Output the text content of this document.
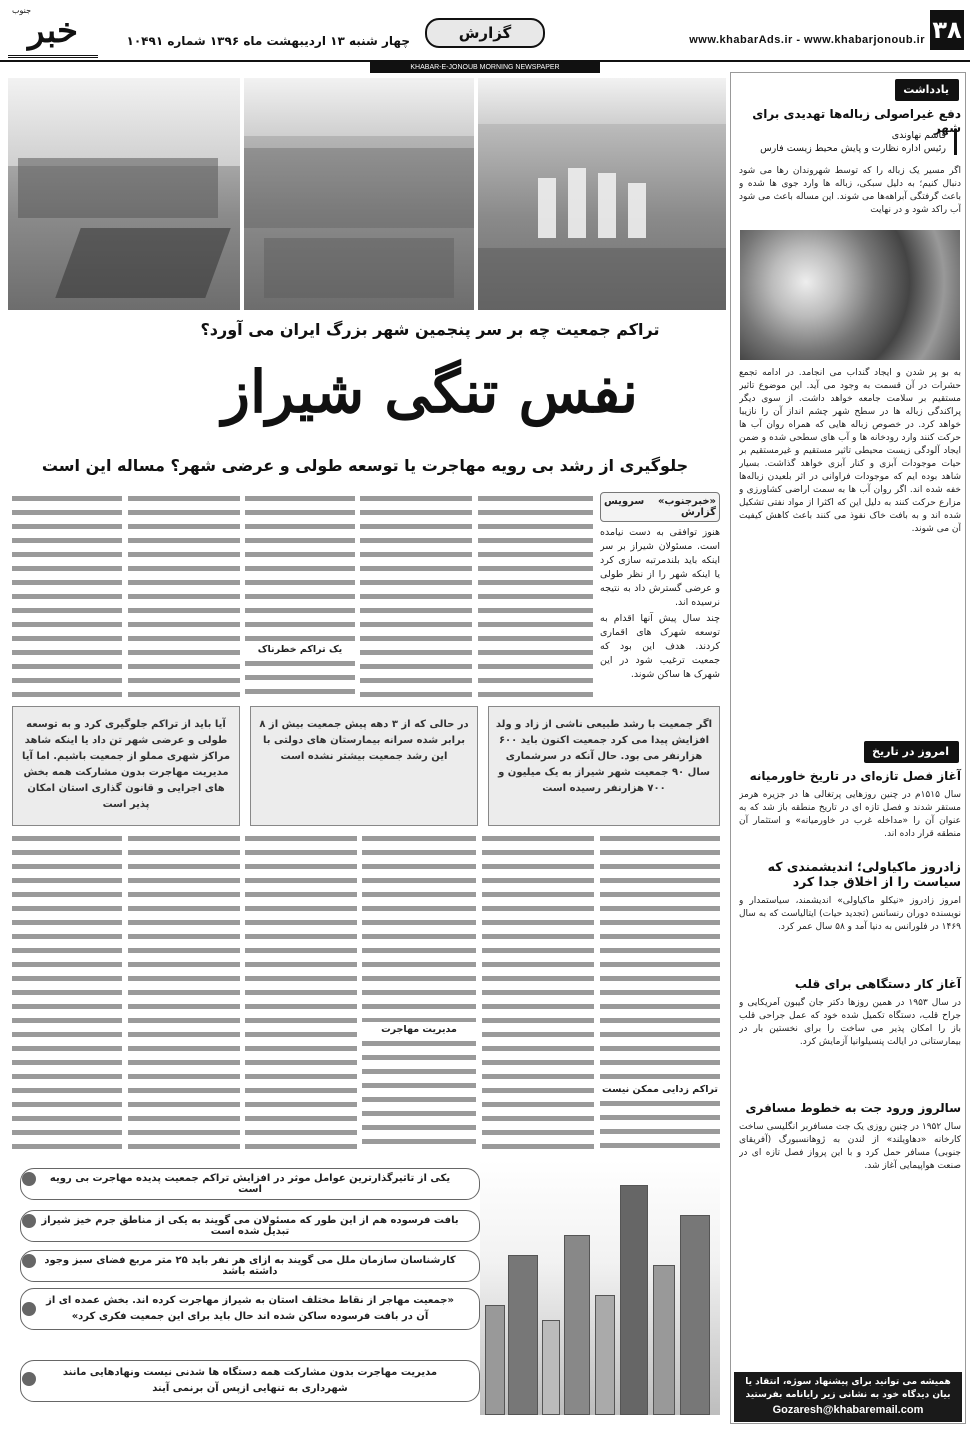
۳۸
www.khabarAds.ir - www.khabarjonoub.ir
گزارش
چهار شنبه ۱۳ اردیبهشت ماه ۱۳۹۶ شماره ۱۰۴۹۱
خبر
جنوب
KHABAR-E-JONOUB MORNING NEWSPAPER
تراکم جمعیت چه بر سر پنجمین شهر بزرگ ایران می آورد؟
نفس تنگی شیراز
جلوگیری از رشد بی رویه مهاجرت یا توسعه طولی و عرضی شهر؟ مساله این است
«خبرجنوب» سرویس گزارش

هنوز توافقی به دست نیامده است. مسئولان شیراز بر سر اینکه باید بلندمرتبه سازی کرد یا اینکه شهر را از نظر طولی و عرضی گسترش داد به نتیجه نرسیده اند.

چند سال پیش آنها اقدام به توسعه شهرک های اقماری کردند. هدف این بود که جمعیت ترغیب شود در این شهرک ها ساکن شوند.

یک تراکم خطرناک
اگر جمعیت با رشد طبیعی ناشی از زاد و ولد افزایش پیدا می کرد جمعیت اکنون باید ۶۰۰ هزارنفر می بود. حال آنکه در سرشماری سال ۹۰ جمعیت شهر شیراز به یک میلیون و ۷۰۰ هزارنفر رسیده است
در حالی که از ۳ دهه پیش جمعیت بیش از ۸ برابر شده سرانه بیمارستان های دولتی با این رشد جمعیت بیشتر نشده است
آیا باید از تراکم جلوگیری کرد و به توسعه طولی و عرضی شهر تن داد یا اینکه شاهد مراکز شهری مملو از جمعیت باشیم. اما آیا مدیریت مهاجرت بدون مشارکت همه بخش های اجرایی و قانون گذاری استان امکان پذیر است
تراکم زدایی ممکن نیست
مدیریت مهاجرت
یکی از تاثیرگذارترین عوامل موثر در افزایش تراکم جمعیت پدیده مهاجرت بی رویه است
بافت فرسوده هم از این طور که مسئولان می گویند به یکی از مناطق جرم خیز شیراز تبدیل شده است
کارشناسان سازمان ملل می گویند به ازای هر نفر باید ۲۵ متر مربع فضای سبز وجود داشته باشد
«جمعیت مهاجر از نقاط مختلف استان به شیراز مهاجرت کرده اند. بخش عمده ای از آن در بافت فرسوده ساکن شده اند حال باید برای این جمعیت فکری کرد»
مدیریت مهاجرت بدون مشارکت همه دستگاه ها شدنی نیست ونهادهایی مانند شهرداری به تنهایی ازپس آن برنمی آیند
یادداشت
دفع غیراصولی زباله‌ها تهدیدی برای شهر
قاسم نهاوندی
رئیس اداره نظارت و پایش محیط زیست فارس
اگر مسیر یک زباله را که توسط شهروندان رها می شود دنبال کنیم؛ به دلیل سبکی، زباله ها وارد جوی ها شده و باعث گرفتگی آبراهه‌ها می شوند. این مساله باعث می شود آب راکد شود و در نهایت
به بو پر شدن و ایجاد گنداب می انجامد. در ادامه تجمع حشرات در آن قسمت به وجود می آید. این موضوع تاثیر مستقیم بر سلامت جامعه خواهد داشت. از سوی دیگر پراکندگی زباله ها در سطح شهر چشم انداز آن را نازیبا خواهد کرد. در خصوص زباله هایی که همراه روان آب ها حرکت کنند وارد رودخانه ها و آب های سطحی شده و ضمن ایجاد آلودگی زیست محیطی تاثیر مستقیم و غیرمستقیم بر حیات موجودات آبزی و کنار آبزی خواهد گذاشت. بسیار شاهد بوده ایم که موجودات فراوانی در اثر بلعیدن زباله‌ها خفه شده اند. اگر روان آب ها به سمت اراضی کشاورزی و مزارع حرکت کنند به دلیل این که اکثرا از مواد نفتی تشکیل شده اند و به بافت خاک نفوذ می کنند باعث کاهش کیفیت آن می شوند.
امروز در تاریخ
آغاز فصل تازه‌ای در تاریخ خاورمیانه
سال ۱۵۱۵م در چنین روزهایی پرتغالی ها در جزیره هرمز مستقر شدند و فصل تازه ای در تاریخ منطقه باز شد که به عنوان آن را «مداخله غرب در خاورمیانه» و استثمار آن منطقه قرار داده اند.
زادروز ماکیاولی؛ اندیشمندی که سیاست را از اخلاق جدا کرد
امروز زادروز «نیکلو ماکیاولی» اندیشمند، سیاستمدار و نویسنده دوران رنسانس (تجدید حیات) ایتالیاست که به سال ۱۴۶۹ در فلورانس به دنیا آمد و ۵۸ سال عمر کرد.
آغاز کار دستگاهی برای قلب
در سال ۱۹۵۳ در همین روزها دکتر جان گیبون آمریکایی و جراح قلب، دستگاه تکمیل شده خود که عمل جراحی قلب باز را امکان پذیر می ساخت را برای نخستین بار در بیمارستانی در ایالت پنسیلوانیا آزمایش کرد.
سالروز ورود جت به خطوط مسافری
سال ۱۹۵۲ در چنین روزی یک جت مسافربر انگلیسی ساخت کارخانه «دهاویلند» از لندن به ژوهانسبورگ (آفریقای جنوبی) مسافر حمل کرد و با این پرواز فصل تازه ای در صنعت هواپیمایی آغاز شد.
همیشه می توانید برای پیشنهاد سوژه، انتقاد یا بیان دیدگاه خود به نشانی زیر رایانامه بفرستید
Gozaresh@khabaremail.com
